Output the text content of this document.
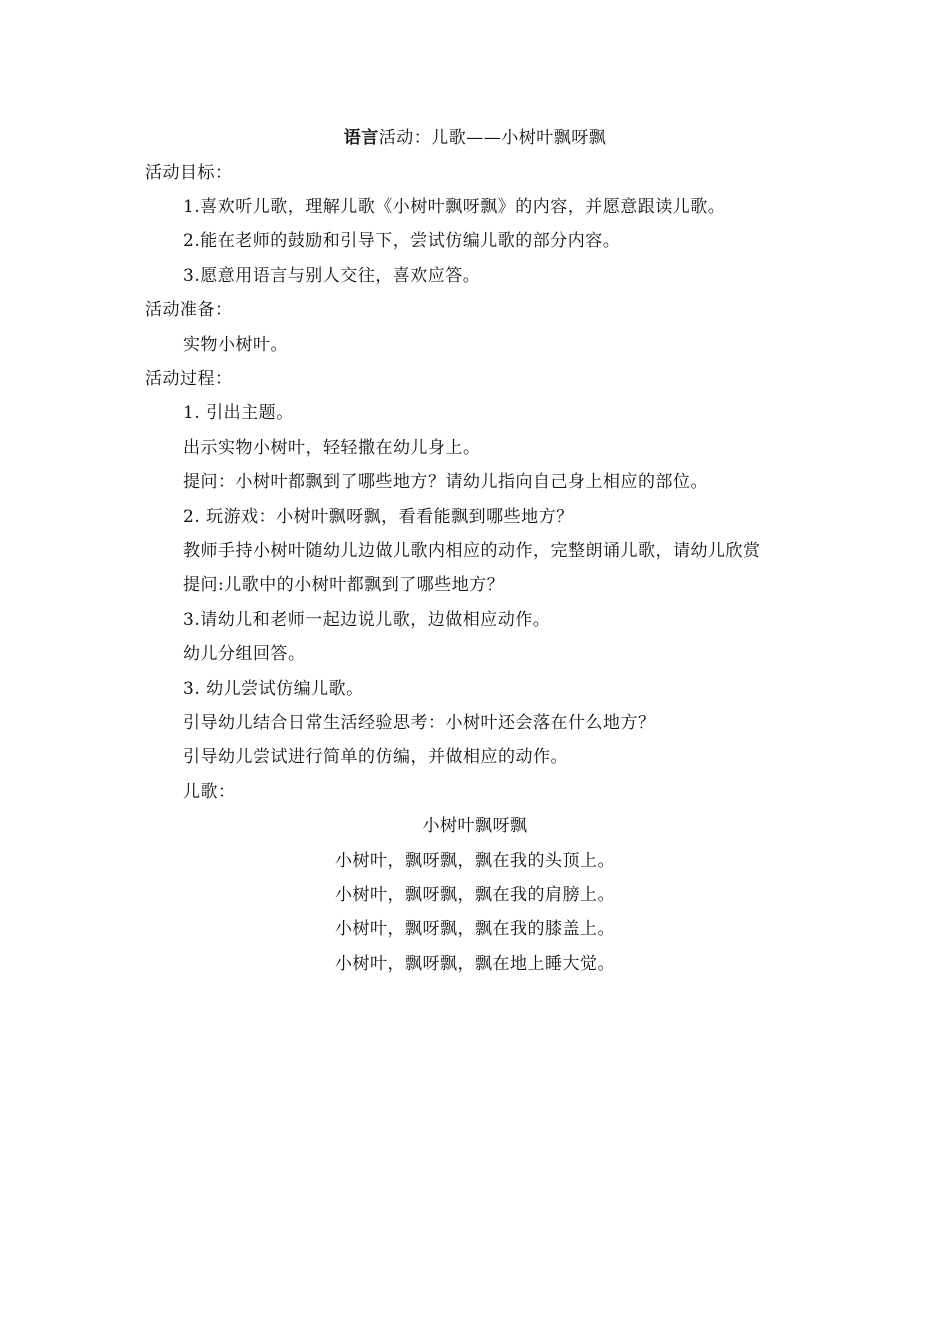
语言活动：儿歌——小树叶飘呀飘
活动目标：
1.喜欢听儿歌，理解儿歌《小树叶飘呀飘》的内容，并愿意跟读儿歌。
2.能在老师的鼓励和引导下，尝试仿编儿歌的部分内容。
3.愿意用语言与别人交往，喜欢应答。
活动准备：
实物小树叶。
活动过程：
1. 引出主题。
出示实物小树叶，轻轻撒在幼儿身上。
提问：小树叶都飘到了哪些地方？请幼儿指向自己身上相应的部位。
2. 玩游戏：小树叶飘呀飘，看看能飘到哪些地方？
教师手持小树叶随幼儿边做儿歌内相应的动作，完整朗诵儿歌，请幼儿欣赏
提问:儿歌中的小树叶都飘到了哪些地方？
3.请幼儿和老师一起边说儿歌，边做相应动作。
幼儿分组回答。
3. 幼儿尝试仿编儿歌。
引导幼儿结合日常生活经验思考：小树叶还会落在什么地方？
引导幼儿尝试进行简单的仿编，并做相应的动作。
儿歌：
小树叶飘呀飘
小树叶，飘呀飘，飘在我的头顶上。
小树叶，飘呀飘，飘在我的肩膀上。
小树叶，飘呀飘，飘在我的膝盖上。
小树叶，飘呀飘，飘在地上睡大觉。
